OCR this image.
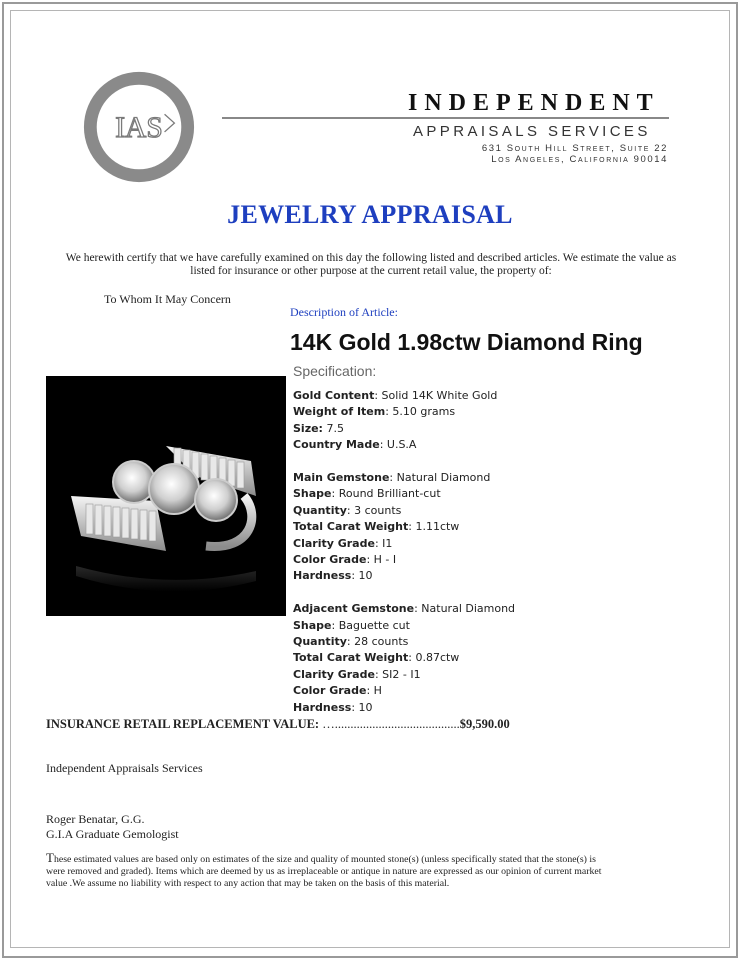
Appraisal
IAS
INDEPENDENT
APPRAISALS SERVICES
631 South Hill Street, Suite 22
Los Angeles, California 90014
JEWELRY APPRAISAL
We herewith certify that we have carefully examined on this day the following listed and described articles. We estimate the value as listed for insurance or other purpose at the current retail value, the property of:
To Whom It May Concern
Description of Article:
14K Gold 1.98ctw Diamond Ring
Specification:
Gold Content: Solid 14K White Gold
Weight of Item: 5.10 grams
Size: 7.5
Country Made: U.S.A
Main Gemstone: Natural Diamond
Shape: Round Brilliant-cut
Quantity: 3 counts
Total Carat Weight: 1.11ctw
Clarity Grade: I1
Color Grade: H - I
Hardness: 10
Adjacent Gemstone: Natural Diamond
Shape: Baguette cut
Quantity: 28 counts
Total Carat Weight: 0.87ctw
Clarity Grade: SI2 - I1
Color Grade: H
Hardness: 10
INSURANCE RETAIL REPLACEMENT VALUE: …........................................$9,590.00
Independent Appraisals Services
Roger Benatar, G.G.
G.I.A Graduate Gemologist
These estimated values are based only on estimates of the size and quality of mounted stone(s) (unless specifically stated that the stone(s) is were removed and graded). Items which are deemed by us as irreplaceable or antique in nature are expressed as our opinion of current market value .We assume no liability with respect to any action that may be taken on the basis of this material.
